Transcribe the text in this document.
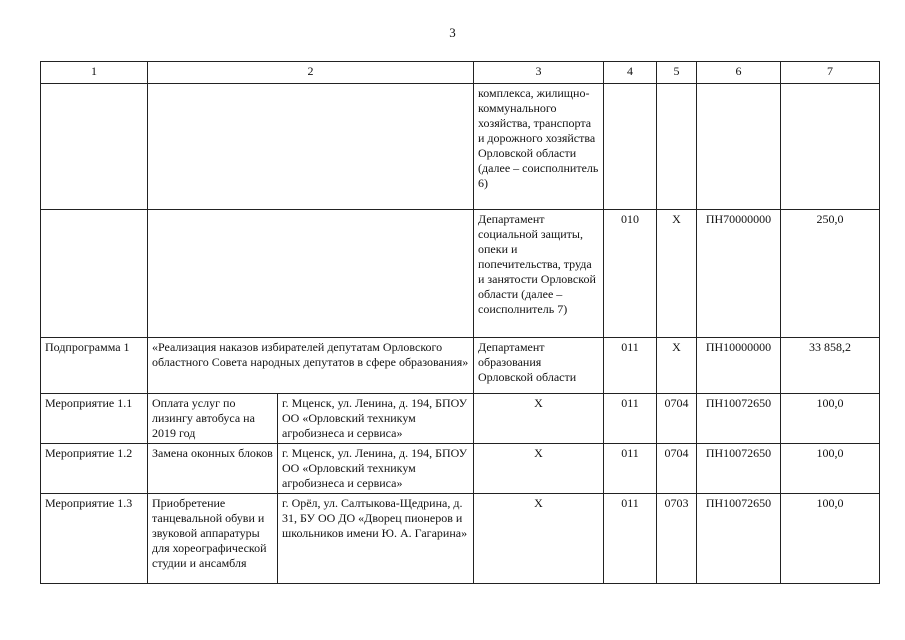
3
1	2		3	4	5	6	7
			комплекса, жилищно-коммунального хозяйства, транспорта и дорожного хозяйства Орловской области (далее – соисполнитель 6)				
			Департамент социальной защиты, опеки и попечительства, труда и занятости Орловской области (далее – соисполнитель 7)	010	Х	ПН70000000	250,0
Подпрограмма 1	«Реализация наказов избирателей депутатам Орловского областного Совета народных депутатов в сфере образования»		Департамент образования Орловской области	011	Х	ПН10000000	33 858,2
Мероприятие 1.1	Оплата услуг по лизингу автобуса на 2019 год	г. Мценск, ул. Ленина, д. 194, БПОУ ОО «Орловский техникум агробизнеса и сервиса»	Х	011	0704	ПН10072650	100,0
Мероприятие 1.2	Замена оконных блоков	г. Мценск, ул. Ленина, д. 194, БПОУ ОО «Орловский техникум агробизнеса и сервиса»	Х	011	0704	ПН10072650	100,0
Мероприятие 1.3	Приобретение танцевальной обуви и звуковой аппаратуры для хореографической студии и ансамбля	г. Орёл, ул. Салтыкова-Щедрина, д. 31, БУ ОО ДО «Дворец пионеров и школьников имени Ю. А. Гагарина»	Х	011	0703	ПН10072650	100,0
